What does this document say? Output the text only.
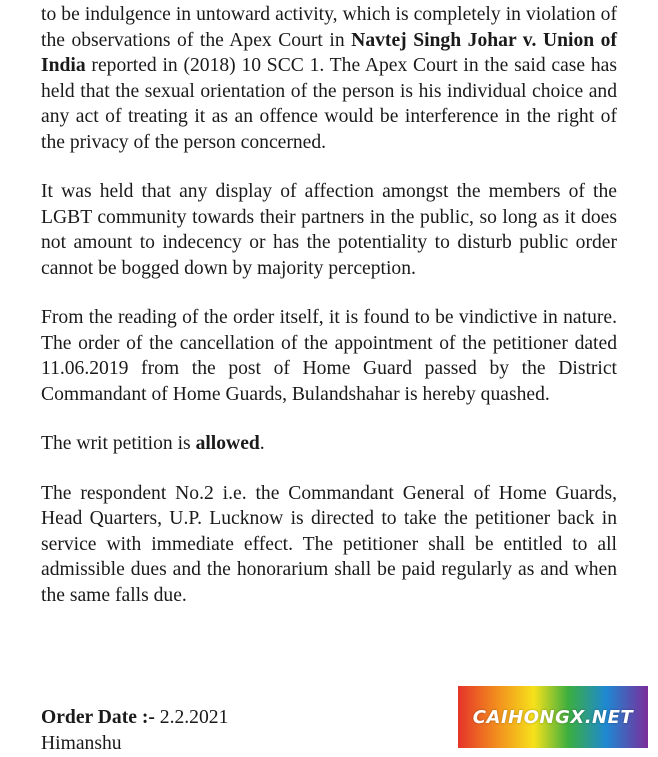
to be indulgence in untoward activity, which is completely in violation of the observations of the Apex Court in Navtej Singh Johar v. Union of India reported in (2018) 10 SCC 1. The Apex Court in the said case has held that the sexual orientation of the person is his individual choice and any act of treating it as an offence would be interference in the right of the privacy of the person concerned.

It was held that any display of affection amongst the members of the LGBT community towards their partners in the public, so long as it does not amount to indecency or has the potentiality to disturb public order cannot be bogged down by majority perception.

From the reading of the order itself, it is found to be vindictive in nature. The order of the cancellation of the appointment of the petitioner dated 11.06.2019 from the post of Home Guard passed by the District Commandant of Home Guards, Bulandshahar is hereby quashed.

The writ petition is allowed.

The respondent No.2 i.e. the Commandant General of Home Guards, Head Quarters, U.P. Lucknow is directed to take the petitioner back in service with immediate effect. The petitioner shall be entitled to all admissible dues and the honorarium shall be paid regularly as and when the same falls due.

Order Date :- 2.2.2021
Himanshu
CAIHONGX.NET
